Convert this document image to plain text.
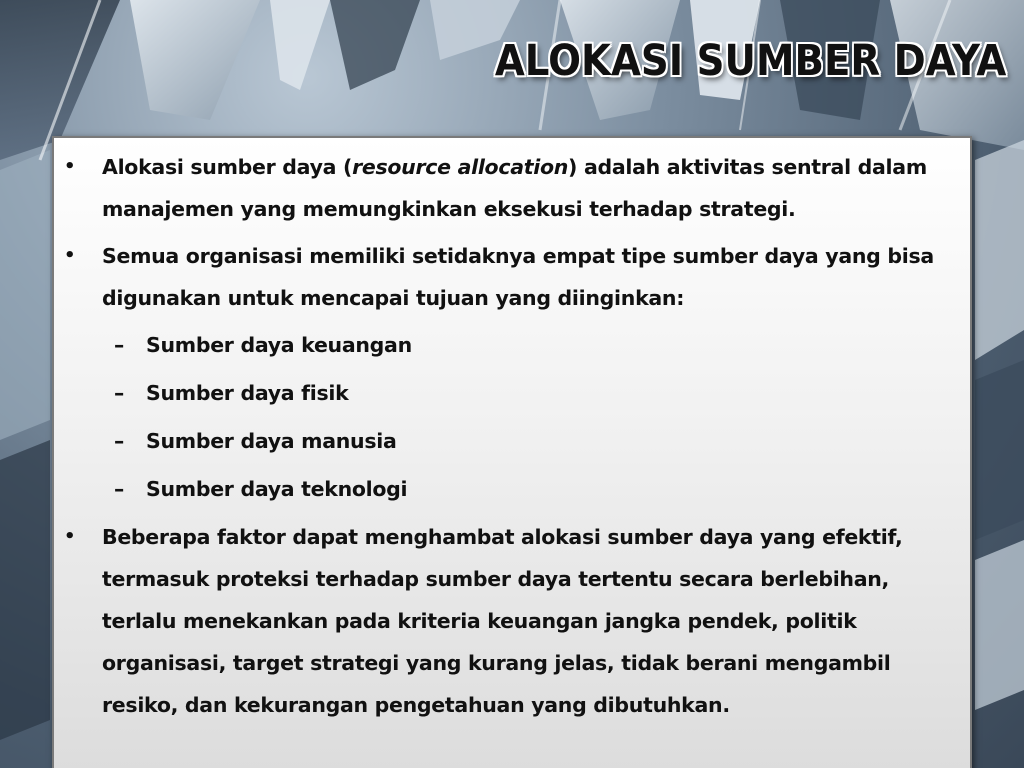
ALOKASI SUMBER DAYA
• Alokasi sumber daya (resource allocation) adalah aktivitas sentral dalam manajemen yang memungkinkan eksekusi terhadap strategi.
• Semua organisasi memiliki setidaknya empat tipe sumber daya yang bisa digunakan untuk mencapai tujuan yang diinginkan:
– Sumber daya keuangan
– Sumber daya fisik
– Sumber daya manusia
– Sumber daya teknologi
• Beberapa faktor dapat menghambat alokasi sumber daya yang efektif, termasuk proteksi terhadap sumber daya tertentu secara berlebihan, terlalu menekankan pada kriteria keuangan jangka pendek, politik organisasi, target strategi yang kurang jelas, tidak berani mengambil resiko, dan kekurangan pengetahuan yang dibutuhkan.
